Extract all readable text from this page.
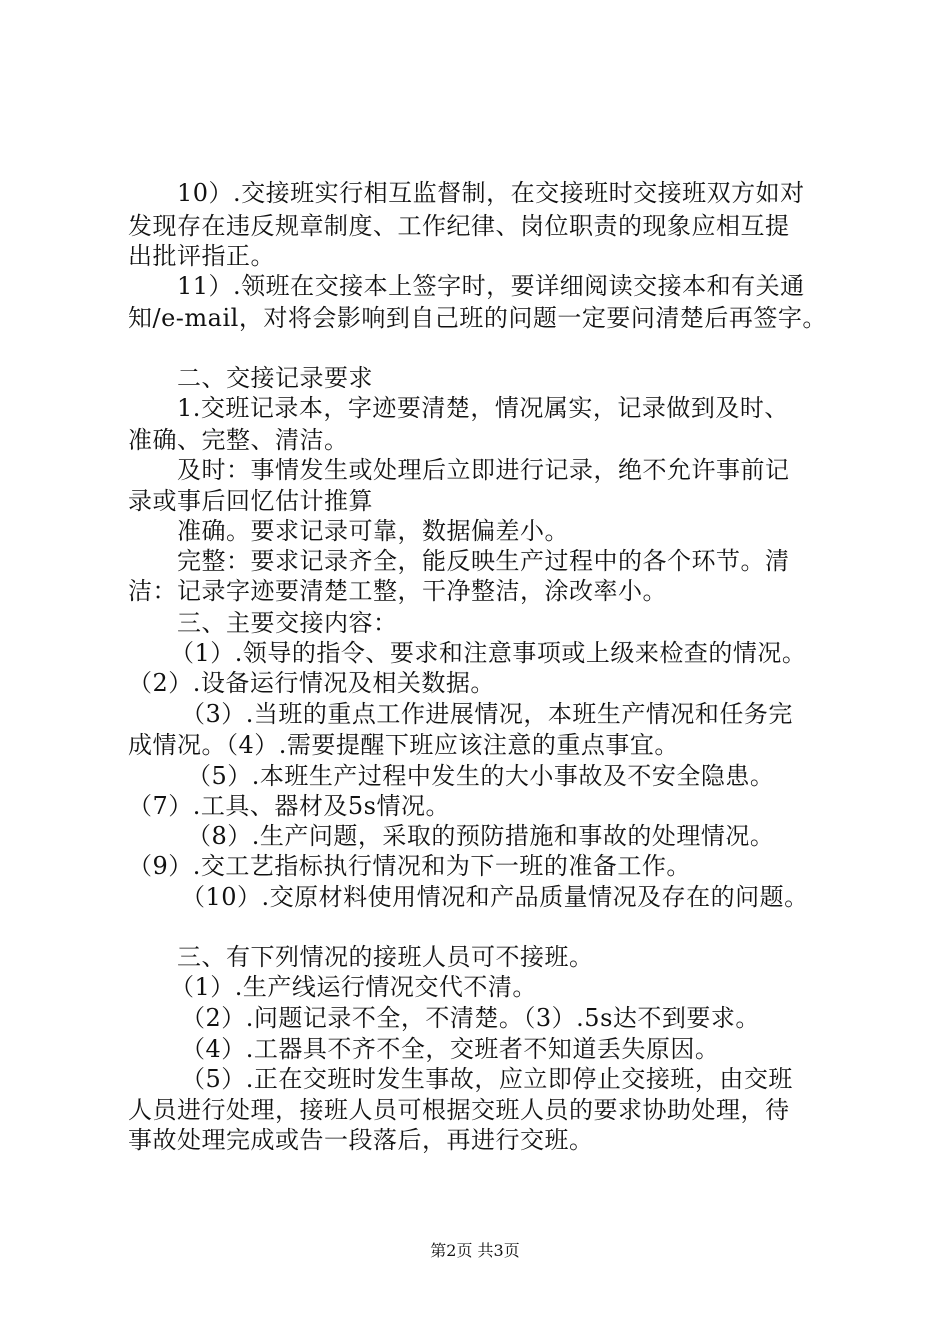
10）.交接班实行相互监督制，在交接班时交接班双方如对
发现存在违反规章制度、工作纪律、岗位职责的现象应相互提
出批评指正。
11）.领班在交接本上签字时，要详细阅读交接本和有关通
知/e-mail，对将会影响到自己班的问题一定要问清楚后再签字。
二、交接记录要求
1.交班记录本，字迹要清楚，情况属实，记录做到及时、
准确、完整、清洁。
及时：事情发生或处理后立即进行记录，绝不允许事前记
录或事后回忆估计推算
准确。要求记录可靠，数据偏差小。
完整：要求记录齐全，能反映生产过程中的各个环节。清
洁：记录字迹要清楚工整，干净整洁，涂改率小。
三、主要交接内容：
（1）.领导的指令、要求和注意事项或上级来检查的情况。
（2）.设备运行情况及相关数据。
（3）.当班的重点工作进展情况，本班生产情况和任务完
成情况。（4）.需要提醒下班应该注意的重点事宜。
（5）.本班生产过程中发生的大小事故及不安全隐患。
（7）.工具、器材及5s情况。
（8）.生产问题，采取的预防措施和事故的处理情况。
（9）.交工艺指标执行情况和为下一班的准备工作。
（10）.交原材料使用情况和产品质量情况及存在的问题。
三、有下列情况的接班人员可不接班。
（1）.生产线运行情况交代不清。
（2）.问题记录不全，不清楚。（3）.5s达不到要求。
（4）.工器具不齐不全，交班者不知道丢失原因。
（5）.正在交班时发生事故，应立即停止交接班，由交班
人员进行处理，接班人员可根据交班人员的要求协助处理，待
事故处理完成或告一段落后，再进行交班。
第2页 共3页
